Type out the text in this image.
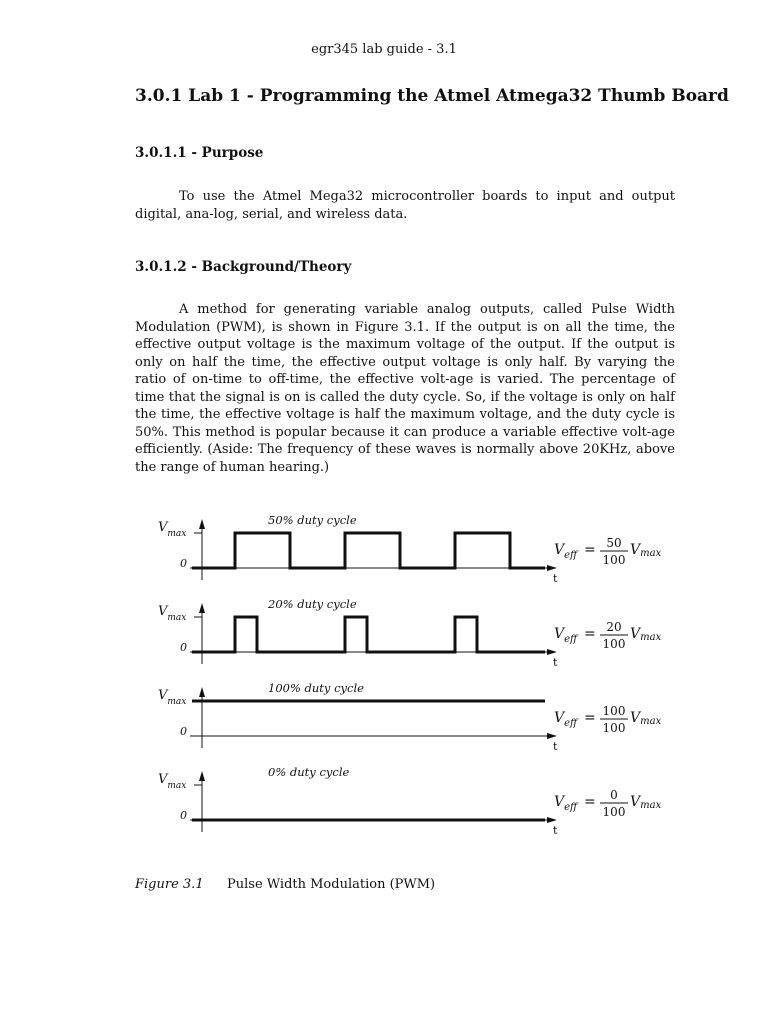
egr345 lab guide - 3.1
3.0.1 Lab 1 - Programming the Atmel Atmega32 Thumb Board
3.0.1.1 - Purpose

To use the Atmel Mega32 microcontroller boards to input and output digital, ana-log, serial, and wireless data.

3.0.1.2 - Background/Theory

A method for generating variable analog outputs, called Pulse Width Modulation (PWM), is shown in Figure 3.1. If the output is on all the time, the effective output voltage is the maximum voltage of the output. If the output is only on half the time, the effective output voltage is only half. By varying the ratio of on-time to off-time, the effective volt-age is varied. The percentage of time that the signal is on is called the duty cycle. So, if the voltage is only on half the time, the effective voltage is half the maximum voltage, and the duty cycle is 50%. This method is popular because it can produce a variable effective volt-age efficiently. (Aside: The frequency of these waves is normally above 20KHz, above the range of human hearing.)

t
$V_{max}$
0
50% duty cycle
$V_{eff} = 50$
100
Vmax
t
$V_{max}$
0
20% duty cycle
$V_{eff} = 20$
100
Vmax
t
$V_{max}$
0
100% duty cycle
$V_{eff} = 100$
100
Vmax
t
$V_{max}$
0
0% duty cycle
$V_{eff} = 0$
100
Vmax
Figure 3.1 Pulse Width Modulation (PWM)
